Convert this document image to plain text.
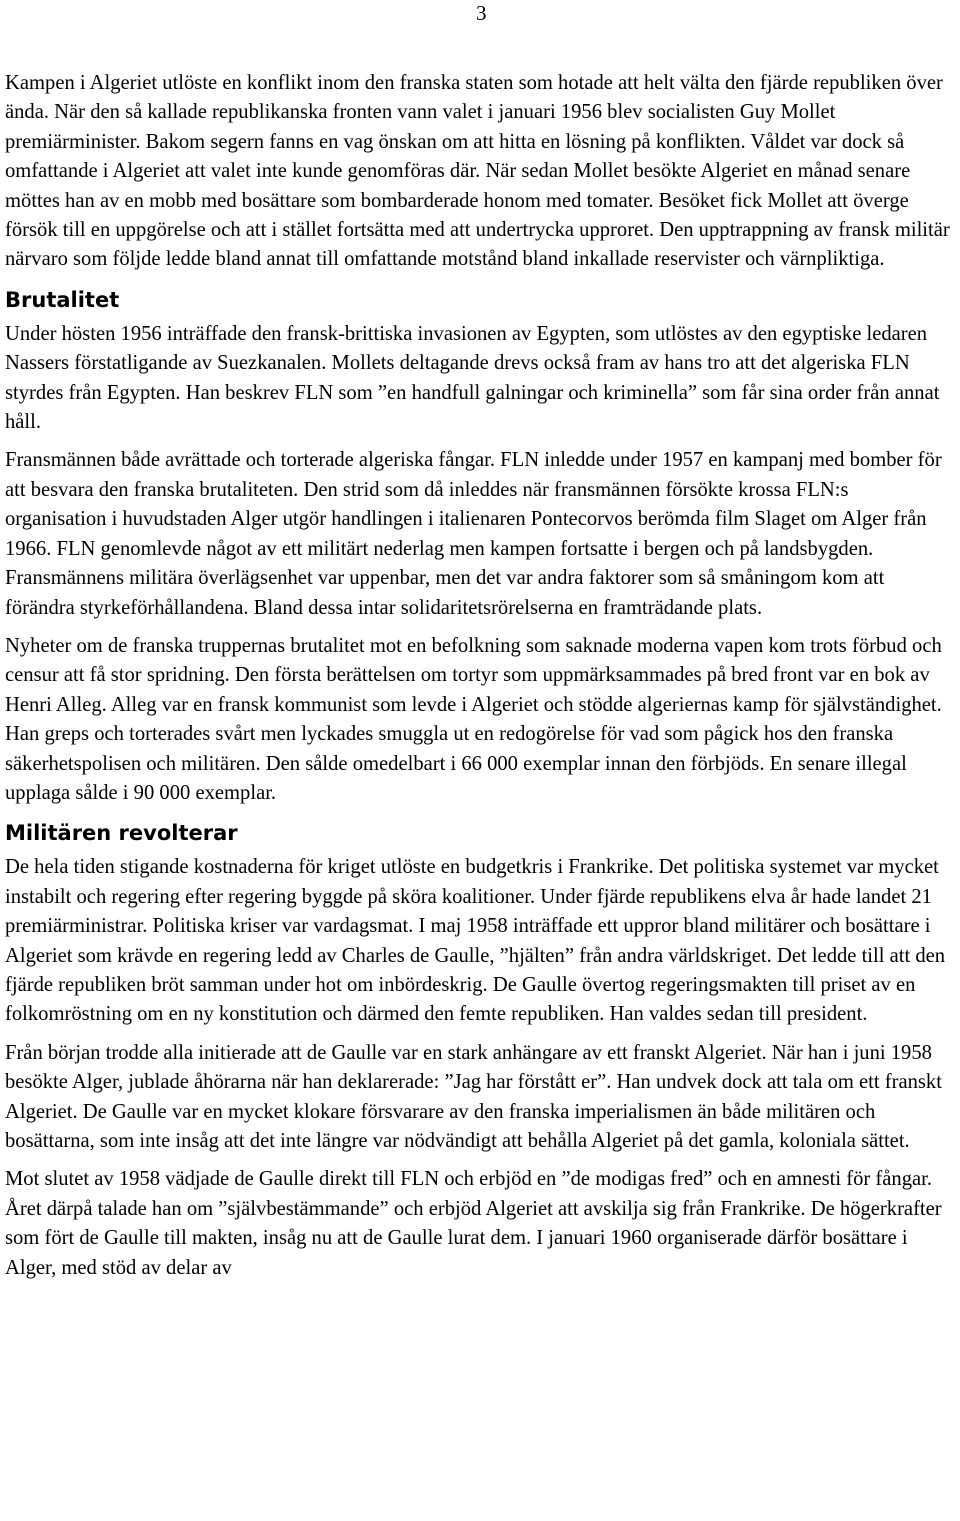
3

Kampen i Algeriet utlöste en konflikt inom den franska staten som hotade att helt välta den fjärde republiken över ända. När den så kallade republikanska fronten vann valet i januari 1956 blev socialisten Guy Mollet premiärminister. Bakom segern fanns en vag önskan om att hitta en lösning på konflikten. Våldet var dock så omfattande i Algeriet att valet inte kunde genomföras där. När sedan Mollet besökte Algeriet en månad senare möttes han av en mobb med bosättare som bombarderade honom med tomater. Besöket fick Mollet att överge försök till en uppgörelse och att i stället fortsätta med att undertrycka upproret. Den upptrappning av fransk militär närvaro som följde ledde bland annat till omfattande motstånd bland inkallade reservister och värnpliktiga.

Brutalitet

Under hösten 1956 inträffade den fransk-brittiska invasionen av Egypten, som utlöstes av den egyptiske ledaren Nassers förstatligande av Suezkanalen. Mollets deltagande drevs också fram av hans tro att det algeriska FLN styrdes från Egypten. Han beskrev FLN som ”en handfull galningar och kriminella” som får sina order från annat håll.

Fransmännen både avrättade och torterade algeriska fångar. FLN inledde under 1957 en kampanj med bomber för att besvara den franska brutaliteten. Den strid som då inleddes när fransmännen försökte krossa FLN:s organisation i huvudstaden Alger utgör handlingen i italienaren Pontecorvos berömda film Slaget om Alger från 1966. FLN genomlevde något av ett militärt nederlag men kampen fortsatte i bergen och på landsbygden. Fransmännens militära överlägsenhet var uppenbar, men det var andra faktorer som så småningom kom att förändra styrkeförhållandena. Bland dessa intar solidaritetsrörelserna en framträdande plats.

Nyheter om de franska truppernas brutalitet mot en befolkning som saknade moderna vapen kom trots förbud och censur att få stor spridning. Den första berättelsen om tortyr som uppmärksammades på bred front var en bok av Henri Alleg. Alleg var en fransk kommunist som levde i Algeriet och stödde algeriernas kamp för självständighet. Han greps och torterades svårt men lyckades smuggla ut en redogörelse för vad som pågick hos den franska säkerhetspolisen och militären. Den sålde omedelbart i 66 000 exemplar innan den förbjöds. En senare illegal upplaga sålde i 90 000 exemplar.

Militären revolterar

De hela tiden stigande kostnaderna för kriget utlöste en budgetkris i Frankrike. Det politiska systemet var mycket instabilt och regering efter regering byggde på sköra koalitioner. Under fjärde republikens elva år hade landet 21 premiärministrar. Politiska kriser var vardagsmat. I maj 1958 inträffade ett uppror bland militärer och bosättare i Algeriet som krävde en regering ledd av Charles de Gaulle, ”hjälten” från andra världskriget. Det ledde till att den fjärde republiken bröt samman under hot om inbördeskrig. De Gaulle övertog regeringsmakten till priset av en folkomröstning om en ny konstitution och därmed den femte republiken. Han valdes sedan till president.

Från början trodde alla initierade att de Gaulle var en stark anhängare av ett franskt Algeriet. När han i juni 1958 besökte Alger, jublade åhörarna när han deklarerade: ”Jag har förstått er”. Han undvek dock att tala om ett franskt Algeriet. De Gaulle var en mycket klokare försvarare av den franska imperialismen än både militären och bosättarna, som inte insåg att det inte längre var nödvändigt att behålla Algeriet på det gamla, koloniala sättet.

Mot slutet av 1958 vädjade de Gaulle direkt till FLN och erbjöd en ”de modigas fred” och en amnesti för fångar. Året därpå talade han om ”självbestämmande” och erbjöd Algeriet att avskilja sig från Frankrike. De högerkrafter som fört de Gaulle till makten, insåg nu att de Gaulle lurat dem. I januari 1960 organiserade därför bosättare i Alger, med stöd av delar av
